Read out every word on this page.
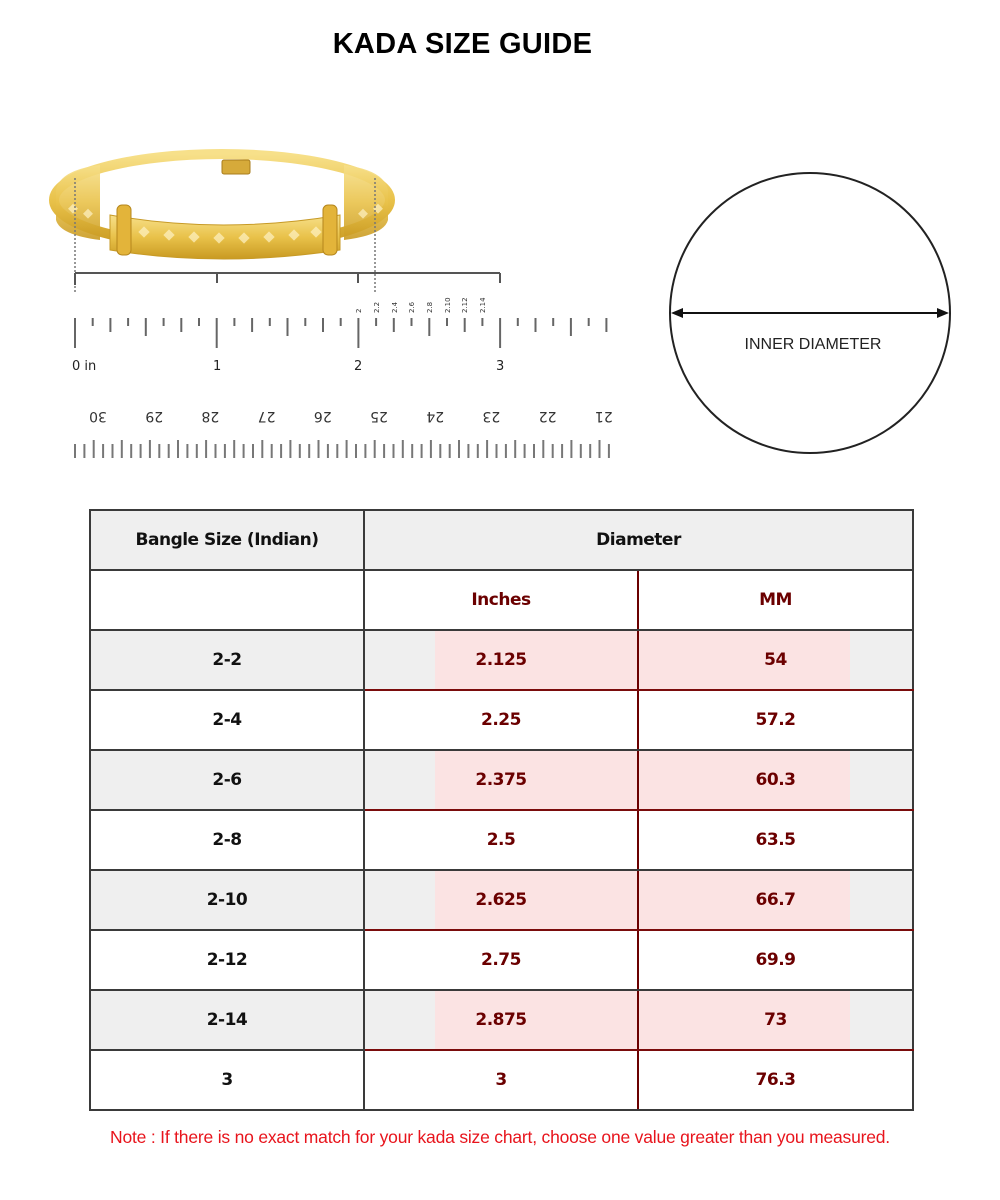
KADA SIZE GUIDE
2 2.2 2.4 2.6 2.8 2.10 2.12 2.14
0 in	1	2	3
30	29	28	27	26	25	24	23	22	21
INNER DIAMETER
Bangle Size (Indian)	Diameter	
	Inches	MM
2-2	2.125	54
2-4	2.25	57.2
2-6	2.375	60.3
2-8	2.5	63.5
2-10	2.625	66.7
2-12	2.75	69.9
2-14	2.875	73
3	3	76.3
Note : If there is no exact match for your kada size chart, choose one value greater than you measured.
